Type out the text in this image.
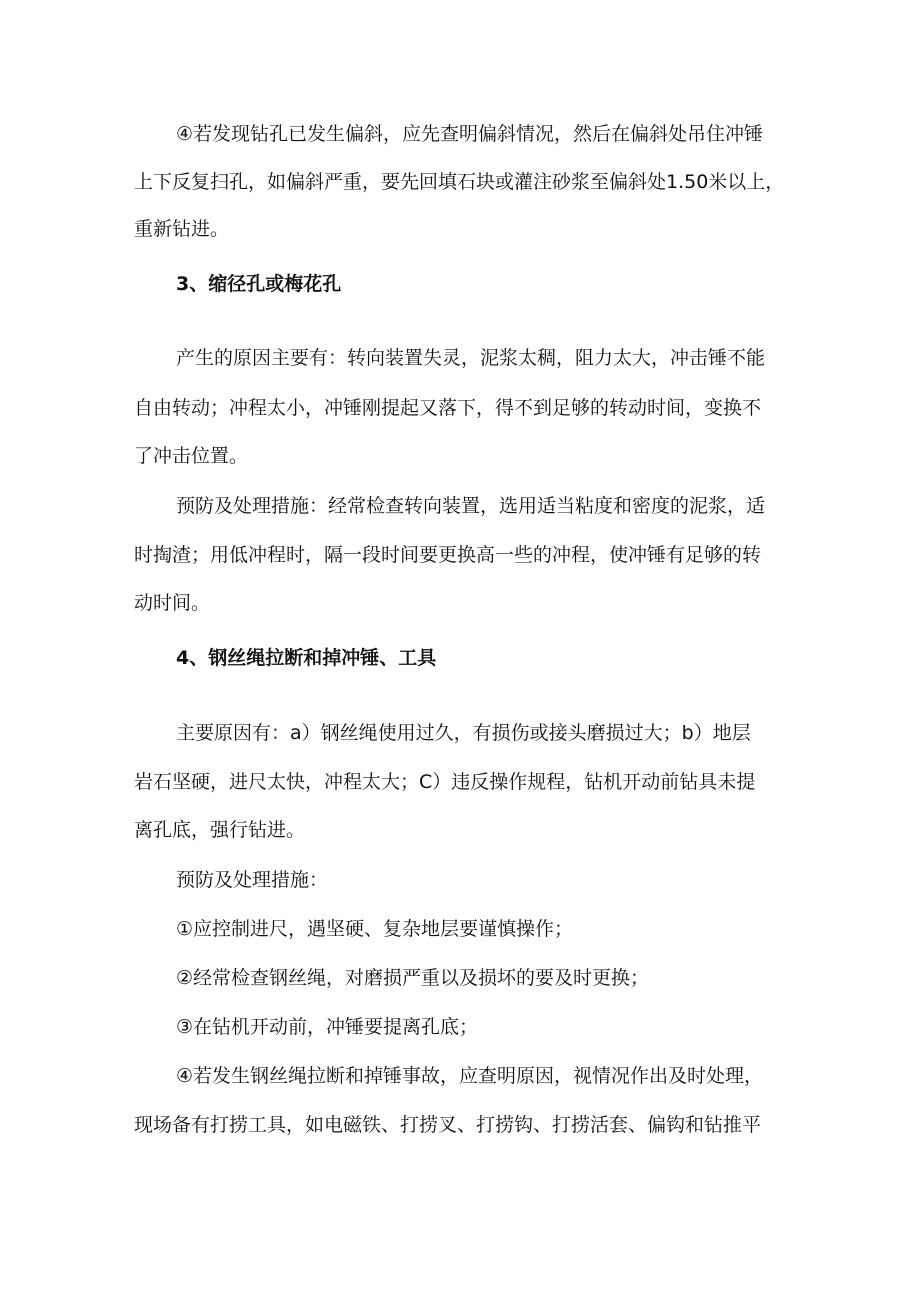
④若发现钻孔已发生偏斜，应先查明偏斜情况，然后在偏斜处吊住冲锤
上下反复扫孔，如偏斜严重，要先回填石块或灌注砂浆至偏斜处1.50米以上，
重新钻进。
3、缩径孔或梅花孔
产生的原因主要有：转向装置失灵，泥浆太稠，阻力太大，冲击锤不能
自由转动；冲程太小，冲锤刚提起又落下，得不到足够的转动时间，变换不
了冲击位置。
预防及处理措施：经常检查转向装置，选用适当粘度和密度的泥浆，适
时掏渣；用低冲程时，隔一段时间要更换高一些的冲程，使冲锤有足够的转
动时间。
4、钢丝绳拉断和掉冲锤、工具
主要原因有：a）钢丝绳使用过久，有损伤或接头磨损过大；b）地层
岩石坚硬，进尺太快，冲程太大；C）违反操作规程，钻机开动前钻具未提
离孔底，强行钻进。
预防及处理措施：
①应控制进尺，遇坚硬、复杂地层要谨慎操作；
②经常检查钢丝绳，对磨损严重以及损坏的要及时更换；
③在钻机开动前，冲锤要提离孔底；
④若发生钢丝绳拉断和掉锤事故，应查明原因，视情况作出及时处理，
现场备有打捞工具，如电磁铁、打捞叉、打捞钩、打捞活套、偏钩和钻推平
